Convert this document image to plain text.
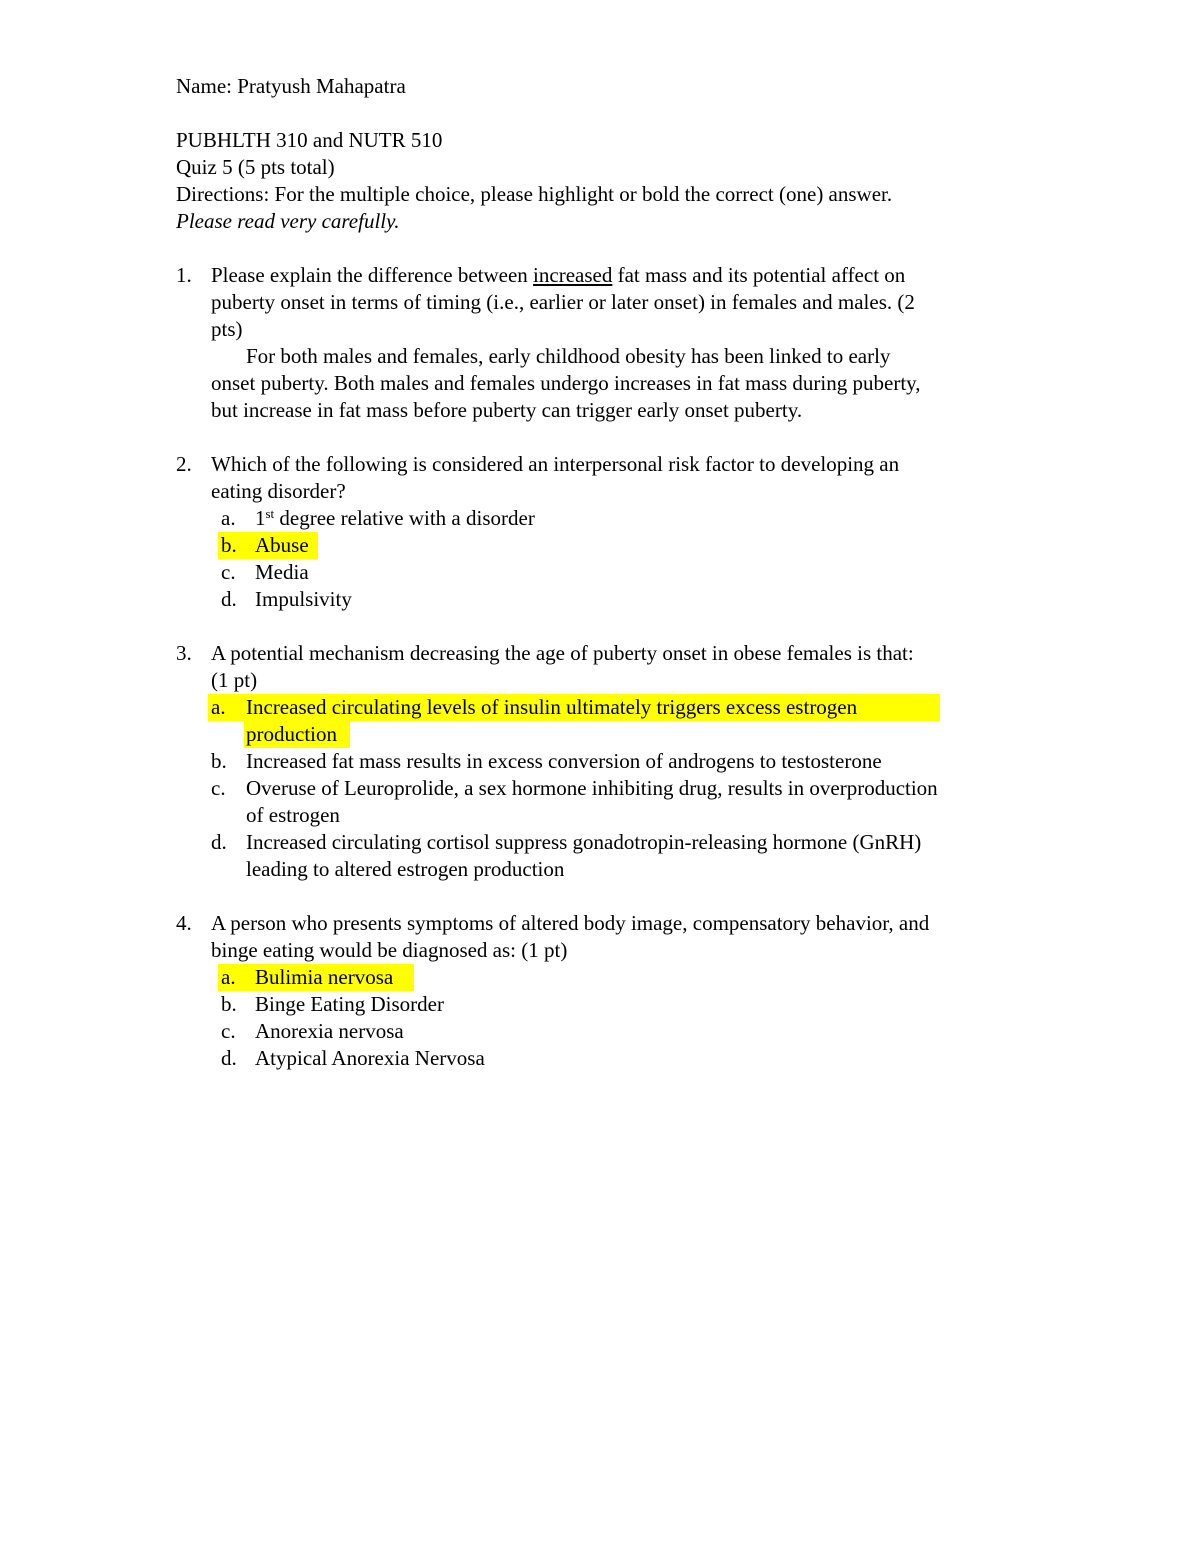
Name: Pratyush Mahapatra
PUBHLTH 310 and NUTR 510
Quiz 5 (5 pts total)
Directions: For the multiple choice, please highlight or bold the correct (one) answer.
Please read very carefully.
1. Please explain the difference between increased fat mass and its potential affect on
puberty onset in terms of timing (i.e., earlier or later onset) in females and males. (2
pts)
For both males and females, early childhood obesity has been linked to early
onset puberty. Both males and females undergo increases in fat mass during puberty,
but increase in fat mass before puberty can trigger early onset puberty.
2. Which of the following is considered an interpersonal risk factor to developing an
eating disorder?
a. 1st degree relative with a disorder
b. Abuse
c. Media
d. Impulsivity
3. A potential mechanism decreasing the age of puberty onset in obese females is that:
(1 pt)
a. Increased circulating levels of insulin ultimately triggers excess estrogen
production
b. Increased fat mass results in excess conversion of androgens to testosterone
c. Overuse of Leuroprolide, a sex hormone inhibiting drug, results in overproduction
of estrogen
d. Increased circulating cortisol suppress gonadotropin-releasing hormone (GnRH)
leading to altered estrogen production
4. A person who presents symptoms of altered body image, compensatory behavior, and
binge eating would be diagnosed as: (1 pt)
a. Bulimia nervosa
b. Binge Eating Disorder
c. Anorexia nervosa
d. Atypical Anorexia Nervosa
